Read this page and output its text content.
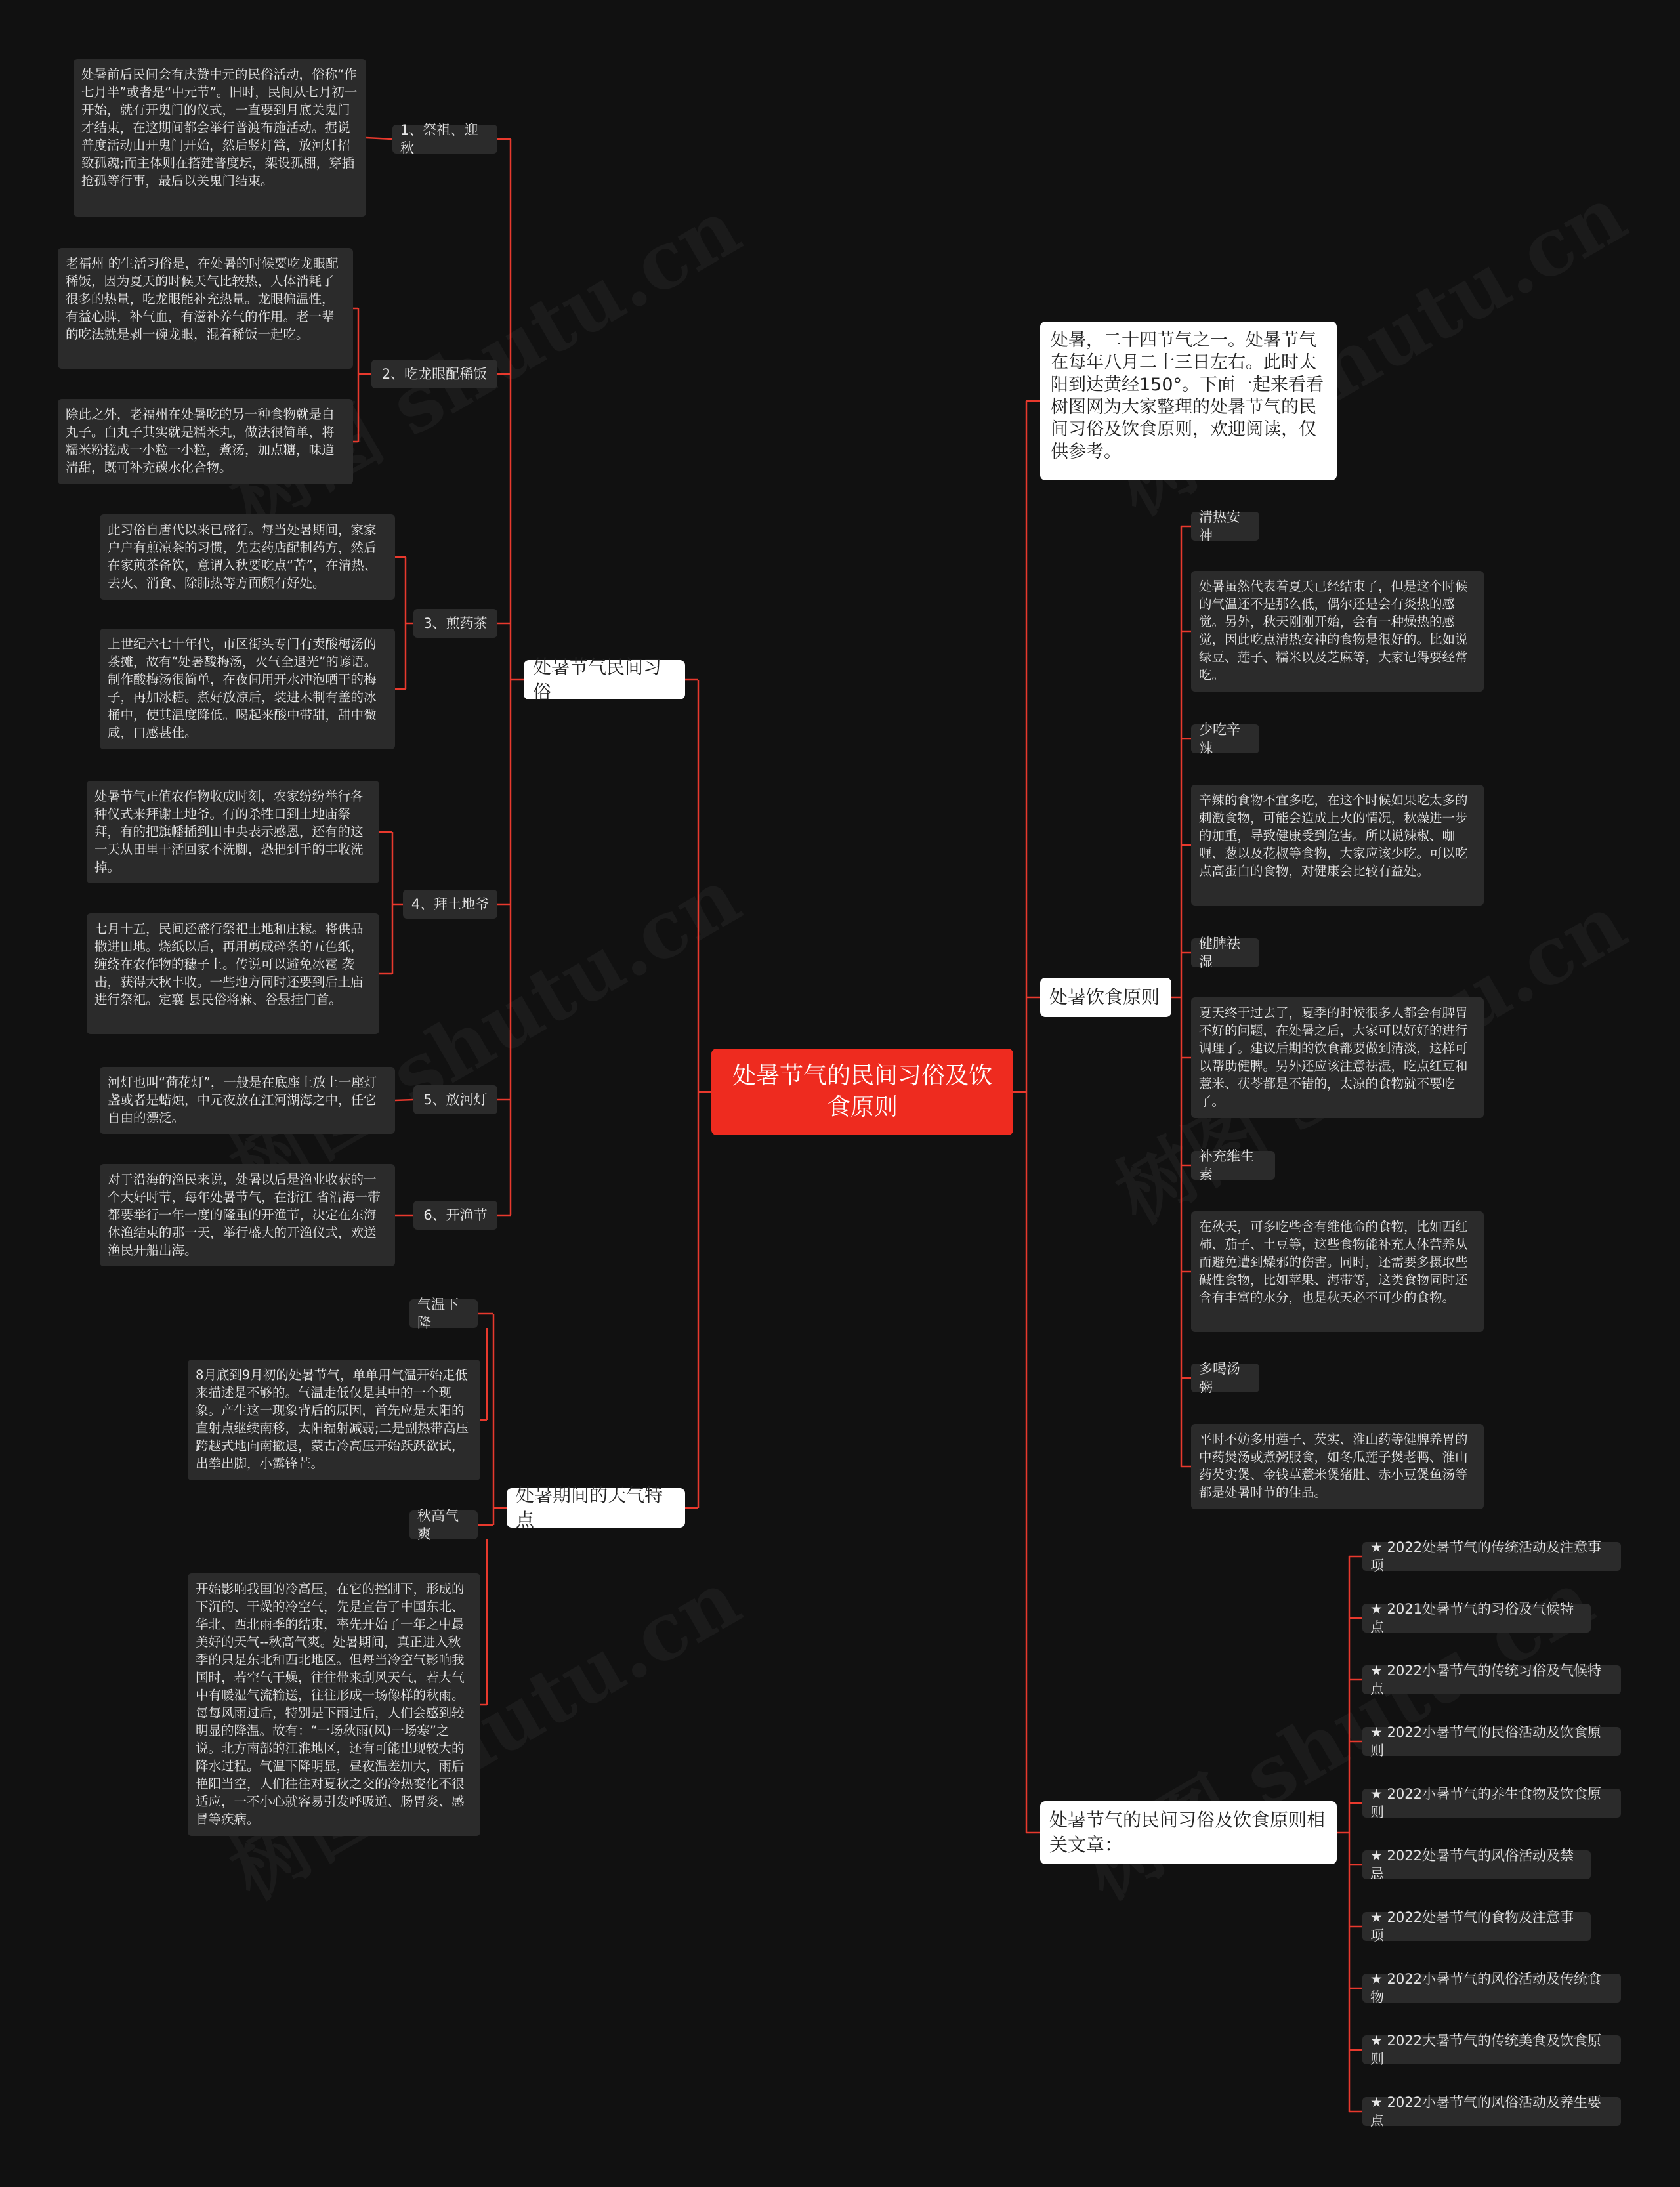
处暑节气的民间习俗及饮食原则
处暑，二十四节气之一。处暑节气在每年八月二十三日左右。此时太阳到达黄经150°。下面一起来看看树图网为大家整理的处暑节气的民间习俗及饮食原则，欢迎阅读，仅供参考。
处暑节气民间习俗
1、祭祖、迎秋
处暑前后民间会有庆赞中元的民俗活动，俗称“作七月半”或者是“中元节”。旧时，民间从七月初一开始，就有开鬼门的仪式，一直要到月底关鬼门才结束，在这期间都会举行普渡布施活动。据说普度活动由开鬼门开始，然后竖灯篙，放河灯招致孤魂;而主体则在搭建普度坛，架设孤棚，穿插抢孤等行事，最后以关鬼门结束。
2、吃龙眼配稀饭
老福州 的生活习俗是，在处暑的时候要吃龙眼配稀饭，因为夏天的时候天气比较热，人体消耗了很多的热量，吃龙眼能补充热量。龙眼偏温性，有益心脾，补气血，有滋补养气的作用。老一辈的吃法就是剥一碗龙眼，混着稀饭一起吃。
除此之外，老福州在处暑吃的另一种食物就是白丸子。白丸子其实就是糯米丸，做法很简单，将糯米粉搓成一小粒一小粒，煮汤，加点糖，味道清甜，既可补充碳水化合物。
3、煎药茶
此习俗自唐代以来已盛行。每当处暑期间，家家户户有煎凉茶的习惯，先去药店配制药方，然后在家煎茶备饮，意谓入秋要吃点“苦”，在清热、去火、消食、除肺热等方面颇有好处。
上世纪六七十年代，市区街头专门有卖酸梅汤的茶摊，故有“处暑酸梅汤，火气全退光”的谚语。制作酸梅汤很简单，在夜间用开水冲泡晒干的梅子，再加冰糖。煮好放凉后，装进木制有盖的冰桶中，使其温度降低。喝起来酸中带甜，甜中微咸，口感甚佳。
4、拜土地爷
处暑节气正值农作物收成时刻，农家纷纷举行各种仪式来拜谢土地爷。有的杀牲口到土地庙祭拜，有的把旗幡插到田中央表示感恩，还有的这一天从田里干活回家不洗脚，恐把到手的丰收洗掉。
七月十五，民间还盛行祭祀土地和庄稼。将供品撒进田地。烧纸以后，再用剪成碎条的五色纸，缠绕在农作物的穗子上。传说可以避免冰雹 袭击，获得大秋丰收。一些地方同时还要到后土庙进行祭祀。定襄 县民俗将麻、谷悬挂门首。
5、放河灯
河灯也叫“荷花灯”，一般是在底座上放上一座灯盏或者是蜡烛，中元夜放在江河湖海之中，任它自由的漂泛。
6、开渔节
对于沿海的渔民来说，处暑以后是渔业收获的一个大好时节，每年处暑节气，在浙江 省沿海一带都要举行一年一度的隆重的开渔节，决定在东海休渔结束的那一天，举行盛大的开渔仪式，欢送渔民开船出海。
处暑期间的天气特点
气温下降
8月底到9月初的处暑节气，单单用气温开始走低来描述是不够的。气温走低仅是其中的一个现象。产生这一现象背后的原因，首先应是太阳的直射点继续南移，太阳辐射减弱;二是副热带高压跨越式地向南撤退，蒙古冷高压开始跃跃欲试，出拳出脚，小露锋芒。
秋高气爽
开始影响我国的冷高压，在它的控制下，形成的下沉的、干燥的冷空气，先是宣告了中国东北、华北、西北雨季的结束，率先开始了一年之中最美好的天气--秋高气爽。处暑期间，真正进入秋季的只是东北和西北地区。但每当冷空气影响我国时，若空气干燥，往往带来刮风天气，若大气中有暖湿气流输送，往往形成一场像样的秋雨。每每风雨过后，特别是下雨过后，人们会感到较明显的降温。故有：“一场秋雨(风)一场寒”之说。北方南部的江淮地区，还有可能出现较大的降水过程。气温下降明显，昼夜温差加大，雨后艳阳当空，人们往往对夏秋之交的冷热变化不很适应，一不小心就容易引发呼吸道、肠胃炎、感冒等疾病。
处暑饮食原则
清热安神
处暑虽然代表着夏天已经结束了，但是这个时候的气温还不是那么低，偶尔还是会有炎热的感觉。另外，秋天刚刚开始，会有一种燥热的感觉，因此吃点清热安神的食物是很好的。比如说绿豆、莲子、糯米以及芝麻等，大家记得要经常吃。
少吃辛辣
辛辣的食物不宜多吃，在这个时候如果吃太多的刺激食物，可能会造成上火的情况，秋燥进一步的加重，导致健康受到危害。所以说辣椒、咖喱、葱以及花椒等食物，大家应该少吃。可以吃点高蛋白的食物，对健康会比较有益处。
健脾祛湿
夏天终于过去了，夏季的时候很多人都会有脾胃不好的问题，在处暑之后，大家可以好好的进行调理了。建议后期的饮食都要做到清淡，这样可以帮助健脾。另外还应该注意祛湿，吃点红豆和薏米、茯苓都是不错的，太凉的食物就不要吃了。
补充维生素
在秋天，可多吃些含有维他命的食物，比如西红柿、茄子、土豆等，这些食物能补充人体营养从而避免遭到燥邪的伤害。同时，还需要多摄取些碱性食物，比如苹果、海带等，这类食物同时还含有丰富的水分，也是秋天必不可少的食物。
多喝汤粥
平时不妨多用莲子、芡实、淮山药等健脾养胃的中药煲汤或煮粥服食，如冬瓜莲子煲老鸭、淮山药芡实煲、金钱草薏米煲猪肚、赤小豆煲鱼汤等都是处暑时节的佳品。
处暑节气的民间习俗及饮食原则相关文章：
★ 2022处暑节气的传统活动及注意事项
★ 2021处暑节气的习俗及气候特点
★ 2022小暑节气的传统习俗及气候特点
★ 2022小暑节气的民俗活动及饮食原则
★ 2022小暑节气的养生食物及饮食原则
★ 2022处暑节气的风俗活动及禁忌
★ 2022处暑节气的食物及注意事项
★ 2022小暑节气的风俗活动及传统食物
★ 2022大暑节气的传统美食及饮食原则
★ 2022小暑节气的风俗活动及养生要点
